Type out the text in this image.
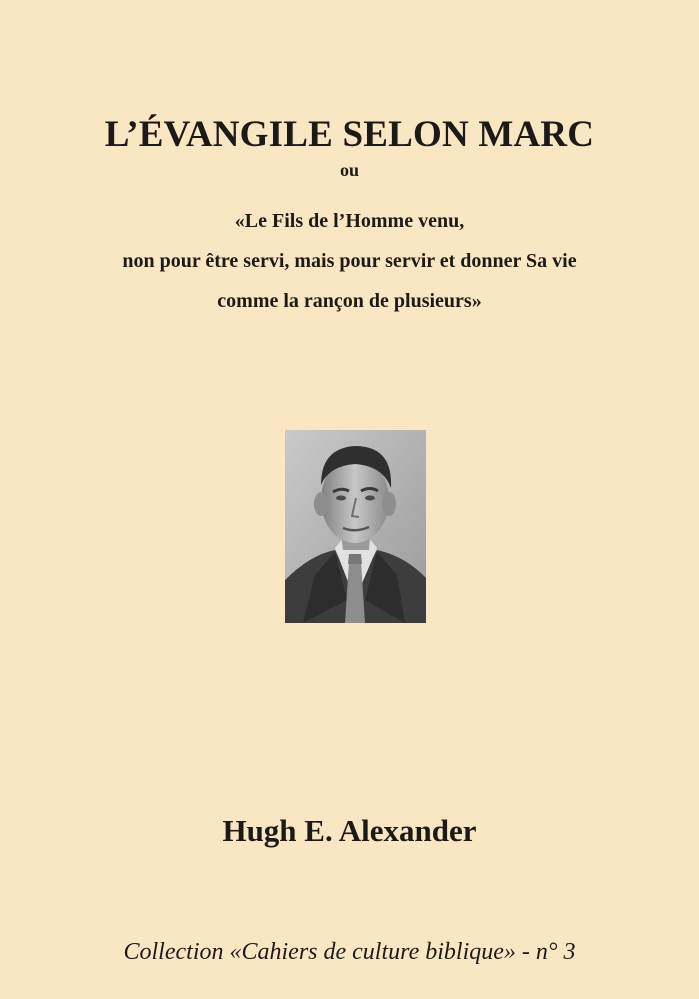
L’ÉVANGILE SELON MARC
ou
«Le Fils de l’Homme venu,
non pour être servi, mais pour servir et donner Sa vie
comme la rançon de plusieurs»
Hugh E. Alexander
Collection «Cahiers de culture biblique» - n° 3
